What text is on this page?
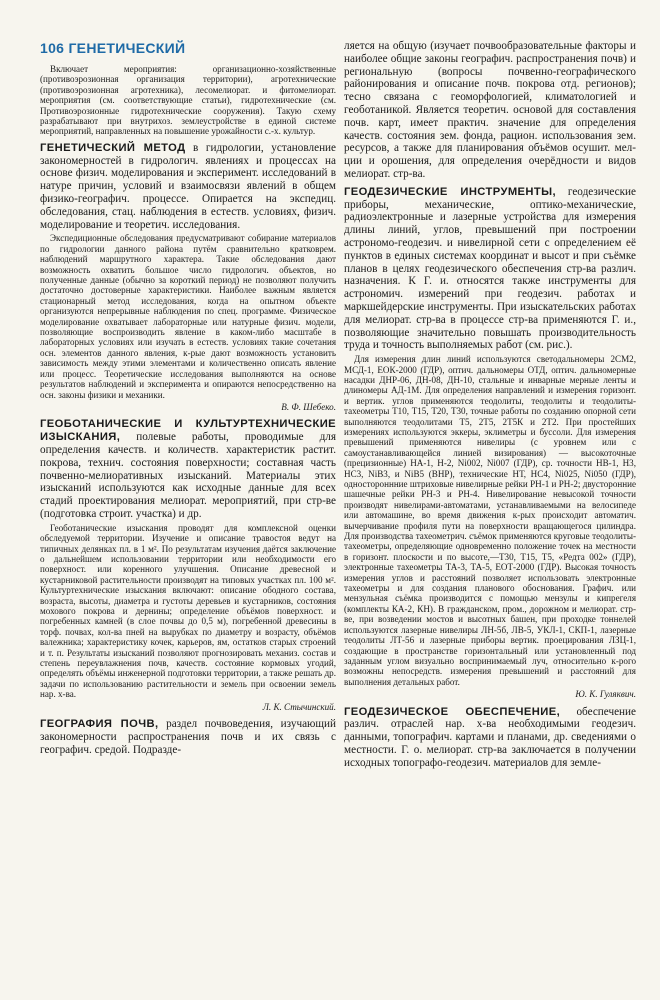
106 ГЕНЕТИЧЕСКИЙ

Включает мероприятия: организационно-хозяйственные (противоэрозионная организация территории), агротехнические (противоэрозионная агротехника), лесомелиорат. и фитомелиорат. мероприятия (см. соответствующие статьи), гидротехнические (см. Противоэрозионные гидротехнические сооружения). Такую схему разрабатывают при внутрихоз. землеустройстве в единой системе мероприятий, направленных на повышение урожайности с.-х. культур.

ГЕНЕТИЧЕСКИЙ МЕТОД в гидрологии, установление закономерностей в гидрологич. явлениях и процессах на основе физич. моделирования и эксперимент. исследований в натуре причин, условий и взаимосвязи явлений в общем физико-географич. процессе. Опирается на экспедиц. обследования, стац. наблюдения в естеств. условиях, физич. моделирование и теоретич. исследования.

Экспедиционные обследования предусматривают собирание материалов по гидрологии данного района путём сравнительно кратковрем. наблюдений маршрутного характера. Такие обследования дают возможность охватить большое число гидрологич. объектов, но полученные данные (обычно за короткий период) не позволяют получить достаточно достоверные характеристики. Наиболее важным является стационарный метод исследования, когда на опытном объекте организуются непрерывные наблюдения по спец. программе. Физическое моделирование охватывает лабораторные или натурные физич. модели, позволяющие воспроизводить явление в каком-либо масштабе в лабораторных условиях или изучать в естеств. условиях такие сочетания осн. элементов данного явления, к-рые дают возможность установить зависимость между этими элементами и количественно описать явление или процесс. Теоретические исследования выполняются на основе результатов наблюдений и эксперимента и опираются непосредственно на осн. законы физики и механики.

В. Ф. Шебеко.

ГЕОБОТАНИЧЕСКИЕ И КУЛЬТУРТЕХНИЧЕСКИЕ ИЗЫСКАНИЯ, полевые работы, проводимые для определения качеств. и количеств. характеристик растит. покрова, технич. состояния поверхности; составная часть почвенно-мелиоративных изысканий. Материалы этих изысканий используются как исходные данные для всех стадий проектирования мелиорат. мероприятий, при стр-ве (подготовка строит. участка) и др.

Геоботанические изыскания проводят для комплексной оценки обследуемой территории. Изучение и описание травостоя ведут на типичных делянках пл. в 1 м². По результатам изучения даётся заключение о дальнейшем использовании территории или необходимости его поверхност. или коренного улучшения. Описание древесной и кустарниковой растительности производят на типовых участках пл. 100 м². Культуртехнические изыскания включают: описание ободного состава, возраста, высоты, диаметра и густоты деревьев и кустарников, состояния мохового покрова и дернины; определение объёмов поверхност. и погребенных камней (в слое почвы до 0,5 м), погребенной древесины в торф. почвах, кол-ва пней на вырубках по диаметру и возрасту, объёмов валежника; характеристику кочек, карьеров, ям, остатков старых строений и т. п. Результаты изысканий позволяют прогнозировать механиз. состав и степень переувлажнения почв, качеств. состояние кормовых угодий, определять объёмы инженерной подготовки территории, а также решать др. задачи по использованию растительности и земель при освоении земель нар. х-ва.

Л. К. Стычинский.

ГЕОГРАФИЯ ПОЧВ, раздел почвоведения, изучающий закономерности распространения почв и их связь с географич. средой. Подразде-

ляется на общую (изучает почвообразовательные факторы и наиболее общие законы географич. распространения почв) и региональную (вопросы почвенно-географического районирования и описание почв. покрова отд. регионов); тесно связана с геоморфологией, климатологией и геоботаникой. Является теоретич. основой для составления почв. карт, имеет практич. значение для определения качеств. состояния зем. фонда, рацион. использования зем. ресурсов, а также для планирования объёмов осушит. мел-ции и орошения, для определения очерёдности и видов мелиорат. стр-ва.

ГЕОДЕЗИЧЕСКИЕ ИНСТРУМЕНТЫ, геодезические приборы, механические, оптико-механические, радиоэлектронные и лазерные устройства для измерения длины линий, углов, превышений при построении астрономо-геодезич. и нивелирной сети с определением её пунктов в единых системах координат и высот и при съёмке планов в целях геодезического обеспечения стр-ва различ. назначения. К Г. и. относятся также инструменты для астрономич. измерений при геодезич. работах и маркшейдерские инструменты. При изыскательских работах для мелиорат. стр-ва в процессе стр-ва применяются Г. и., позволяющие значительно повышать производительность труда и точность выполняемых работ (см. рис.).

Для измерения длин линий используются светодальномеры 2СМ2, МСД-1, ЕОК-2000 (ГДР), оптич. дальномеры ОТД, оптич. дальномерные насадки ДНР-06, ДН-08, ДН-10, стальные и инварные мерные ленты и длиномеры АД-1М. Для определения направлений и измерения горизонт. и вертик. углов применяются теодолиты, теодолиты и теодолиты-тахеометры Т10, Т15, Т20, Т30, точные работы по созданию опорной сети выполняются теодолитами Т5, 2Т5, 2Т5К и 2Т2. При простейших измерениях используются эккеры, эклиметры и буссоли. Для измерения превышений применяются нивелиры (с уровнем или с самоустанавливающейся линией визирования) — высокоточные (прецизионные) НА-1, Н-2, Ni002, Ni007 (ГДР), ср. точности НВ-1, Н3, НС3, NiB3, и NiB5 (ВНР), технические НТ, НС4, Ni025, Ni050 (ГДР), одностороннние штриховые нивелирные рейки РН-1 и РН-2; двусторонние шашечные рейки РН-3 и РН-4. Нивелирование невысокой точности производят нивелирами-автоматами, устанавливаемыми на велосипеде или автомашине, во время движения к-рых происходит автоматич. вычерчивание профиля пути на поверхности вращающегося цилиндра. Для производства тахеометрич. съёмок применяются круговые теодолиты-тахеометры, определяющие одновременно положение точек на местности в горизонт. плоскости и по высоте,—Т30, Т15, Т5, «Редта 002» (ГДР), электронные тахеометры ТА-3, ТА-5, ЕОТ-2000 (ГДР). Высокая точность измерения углов и расстояний позволяет использовать электронные тахеометры и для создания планового обоснования. Графич. или мензульная съёмка производится с помощью мензулы и кипрегеля (комплекты КА-2, КН). В гражданском, пром., дорожном и мелиорат. стр-ве, при возведении мостов и высотных башен, при проходке тоннелей используются лазерные нивелиры ЛН-5б, ЛВ-5, УКЛ-1, СКП-1, лазерные теодолиты ЛТ-56 и лазерные приборы вертик. проецирования ЛЗЦ-1, создающие в пространстве горизонтальный или установленный под заданным углом визуально воспринимаемый луч, относительно к-рого возможны непосредств. измерения превышений и расстояний для выполнения детальных работ.

Ю. К. Гуляквич.

ГЕОДЕЗИЧЕСКОЕ ОБЕСПЕЧЕНИЕ, обеспечение различ. отраслей нар. х-ва необходимыми геодезич. данными, топографич. картами и планами, др. сведениями о местности. Г. о. мелиорат. стр-ва заключается в получении исходных топографо-геодезич. материалов для земле-
